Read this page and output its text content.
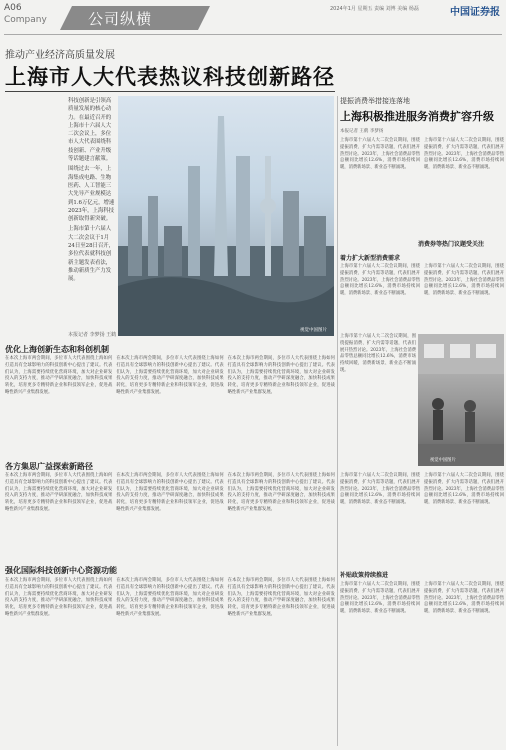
A06
Company	公司纵横
2024年1月 星期五 责编 刘博 美编 杨磊	中国证券报
推动产业经济高质量发展
上海市人大代表热议科技创新路径

科技创新是引领高质量发展的核心动力。在最近召开的上海市十六届人大二次会议上，多位市人大代表围绕科技创新、产业升级等话题建言献策。

围绕过去一年，上海集成电路、生物医药、人工智能三大先导产业规模达到1.6万亿元，增速2023年，上海科技创新取得新突破。

上海市第十六届人大二次会议于1月24日至28日召开，多位代表就科技创新主题发表看法，推动新质生产力发展。

本报记者 李梦扬 王鹤
视觉中国图片
优化上海创新生态和科创机制
在本次上海市两会期间，多位市人大代表围绕上海如何打造具有全球影响力的科技创新中心提出了建议。代表们认为，上海需要持续优化营商环境，加大对企业研发投入的支持力度，推动产学研深度融合，加快科技成果转化，培育更多专精特新企业和科技领军企业，促进战略性新兴产业集群发展。
在本次上海市两会期间，多位市人大代表围绕上海如何打造具有全球影响力的科技创新中心提出了建议。代表们认为，上海需要持续优化营商环境，加大对企业研发投入的支持力度，推动产学研深度融合，加快科技成果转化，培育更多专精特新企业和科技领军企业，促进战略性新兴产业集群发展。
在本次上海市两会期间，多位市人大代表围绕上海如何打造具有全球影响力的科技创新中心提出了建议。代表们认为，上海需要持续优化营商环境，加大对企业研发投入的支持力度，推动产学研深度融合，加快科技成果转化，培育更多专精特新企业和科技领军企业，促进战略性新兴产业集群发展。
各方集思广益探索新路径
在本次上海市两会期间，多位市人大代表围绕上海如何打造具有全球影响力的科技创新中心提出了建议。代表们认为，上海需要持续优化营商环境，加大对企业研发投入的支持力度，推动产学研深度融合，加快科技成果转化，培育更多专精特新企业和科技领军企业，促进战略性新兴产业集群发展。
在本次上海市两会期间，多位市人大代表围绕上海如何打造具有全球影响力的科技创新中心提出了建议。代表们认为，上海需要持续优化营商环境，加大对企业研发投入的支持力度，推动产学研深度融合，加快科技成果转化，培育更多专精特新企业和科技领军企业，促进战略性新兴产业集群发展。
在本次上海市两会期间，多位市人大代表围绕上海如何打造具有全球影响力的科技创新中心提出了建议。代表们认为，上海需要持续优化营商环境，加大对企业研发投入的支持力度，推动产学研深度融合，加快科技成果转化，培育更多专精特新企业和科技领军企业，促进战略性新兴产业集群发展。
强化国际科技创新中心资源功能
在本次上海市两会期间，多位市人大代表围绕上海如何打造具有全球影响力的科技创新中心提出了建议。代表们认为，上海需要持续优化营商环境，加大对企业研发投入的支持力度，推动产学研深度融合，加快科技成果转化，培育更多专精特新企业和科技领军企业，促进战略性新兴产业集群发展。
在本次上海市两会期间，多位市人大代表围绕上海如何打造具有全球影响力的科技创新中心提出了建议。代表们认为，上海需要持续优化营商环境，加大对企业研发投入的支持力度，推动产学研深度融合，加快科技成果转化，培育更多专精特新企业和科技领军企业，促进战略性新兴产业集群发展。
在本次上海市两会期间，多位市人大代表围绕上海如何打造具有全球影响力的科技创新中心提出了建议。代表们认为，上海需要持续优化营商环境，加大对企业研发投入的支持力度，推动产学研深度融合，加快科技成果转化，培育更多专精特新企业和科技领军企业，促进战略性新兴产业集群发展。
提振消费举措接连落地
上海积极推进服务消费扩容升级
本报记者 王鹤 李梦扬
上海市第十六届人大二次会议期间，围绕提振消费、扩大内需等话题，代表们展开热烈讨论。2023年，上海社会消费品零售总额同比增长12.6%，消费市场持续回暖，消费新场景、新业态不断涌现。
上海市第十六届人大二次会议期间，围绕提振消费、扩大内需等话题，代表们展开热烈讨论。2023年，上海社会消费品零售总额同比增长12.6%，消费市场持续回暖，消费新场景、新业态不断涌现。
着力扩大新型消费需求
上海市第十六届人大二次会议期间，围绕提振消费、扩大内需等话题，代表们展开热烈讨论。2023年，上海社会消费品零售总额同比增长12.6%，消费市场持续回暖，消费新场景、新业态不断涌现。
上海市第十六届人大二次会议期间，围绕提振消费、扩大内需等话题，代表们展开热烈讨论。2023年，上海社会消费品零售总额同比增长12.6%，消费市场持续回暖，消费新场景、新业态不断涌现。
消费券等热门议题受关注
上海市第十六届人大二次会议期间，围绕提振消费、扩大内需等话题，代表们展开热烈讨论。2023年，上海社会消费品零售总额同比增长12.6%，消费市场持续回暖，消费新场景、新业态不断涌现。
视觉中国图片
补贴政策持续推进
上海市第十六届人大二次会议期间，围绕提振消费、扩大内需等话题，代表们展开热烈讨论。2023年，上海社会消费品零售总额同比增长12.6%，消费市场持续回暖，消费新场景、新业态不断涌现。
上海市第十六届人大二次会议期间，围绕提振消费、扩大内需等话题，代表们展开热烈讨论。2023年，上海社会消费品零售总额同比增长12.6%，消费市场持续回暖，消费新场景、新业态不断涌现。
上海市第十六届人大二次会议期间，围绕提振消费、扩大内需等话题，代表们展开热烈讨论。2023年，上海社会消费品零售总额同比增长12.6%，消费市场持续回暖，消费新场景、新业态不断涌现。
上海市第十六届人大二次会议期间，围绕提振消费、扩大内需等话题，代表们展开热烈讨论。2023年，上海社会消费品零售总额同比增长12.6%，消费市场持续回暖，消费新场景、新业态不断涌现。
